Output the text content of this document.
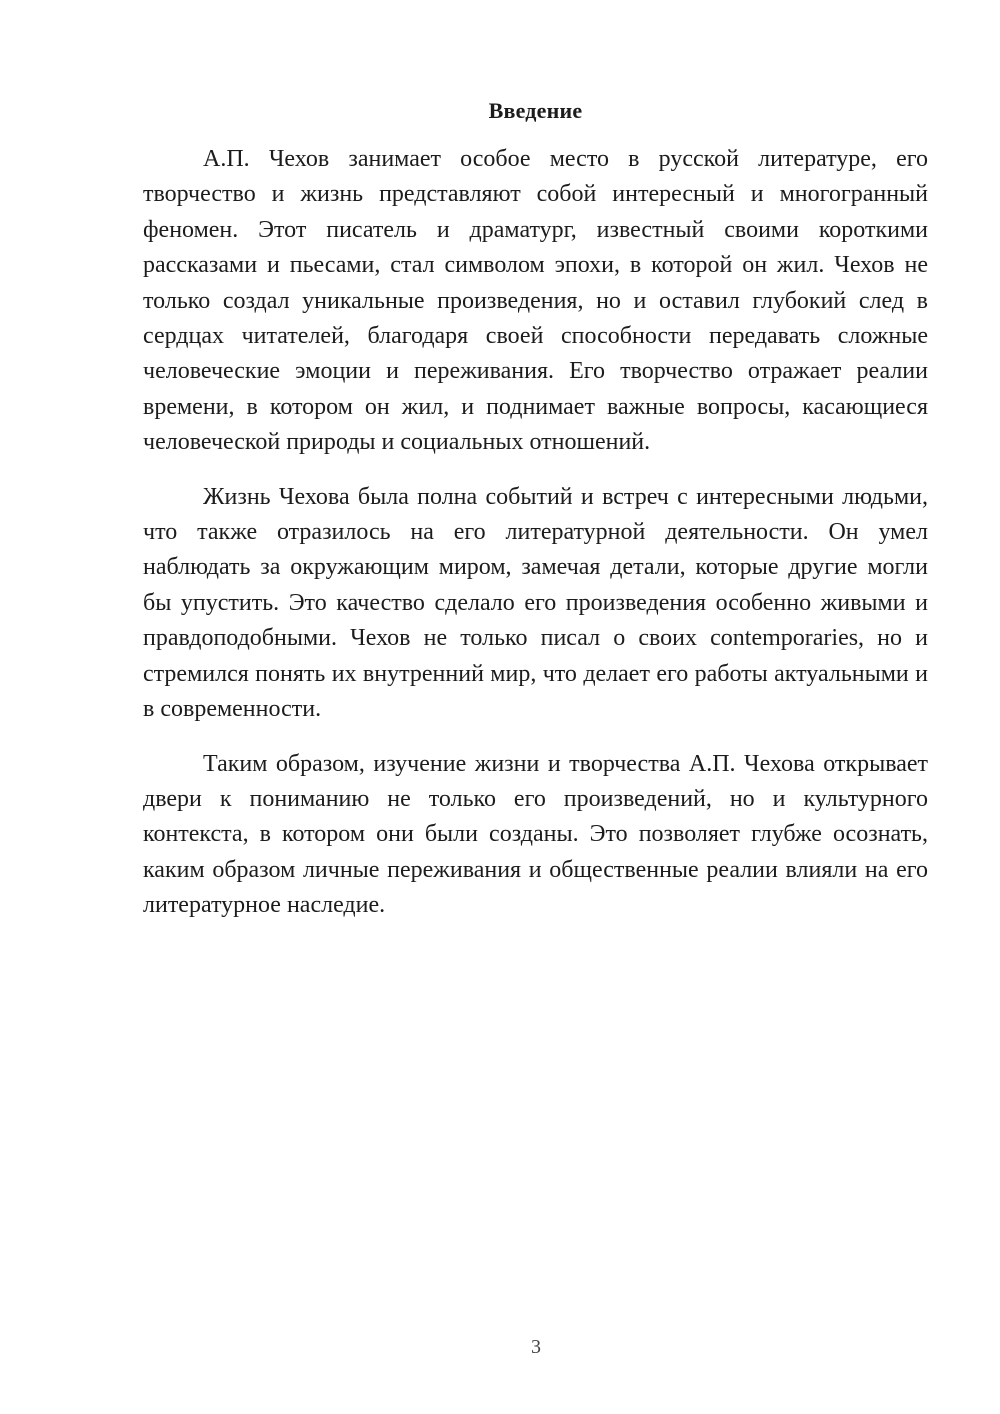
Введение

А.П. Чехов занимает особое место в русской литературе, его творчество и жизнь представляют собой интересный и многогранный феномен. Этот писатель и драматург, известный своими короткими рассказами и пьесами, стал символом эпохи, в которой он жил. Чехов не только создал уникальные произведения, но и оставил глубокий след в сердцах читателей, благодаря своей способности передавать сложные человеческие эмоции и переживания. Его творчество отражает реалии времени, в котором он жил, и поднимает важные вопросы, касающиеся человеческой природы и социальных отношений.

Жизнь Чехова была полна событий и встреч с интересными людьми, что также отразилось на его литературной деятельности. Он умел наблюдать за окружающим миром, замечая детали, которые другие могли бы упустить. Это качество сделало его произведения особенно живыми и правдоподобными. Чехов не только писал о своих contemporaries, но и стремился понять их внутренний мир, что делает его работы актуальными и в современности.

Таким образом, изучение жизни и творчества А.П. Чехова открывает двери к пониманию не только его произведений, но и культурного контекста, в котором они были созданы. Это позволяет глубже осознать, каким образом личные переживания и общественные реалии влияли на его литературное наследие.

3
